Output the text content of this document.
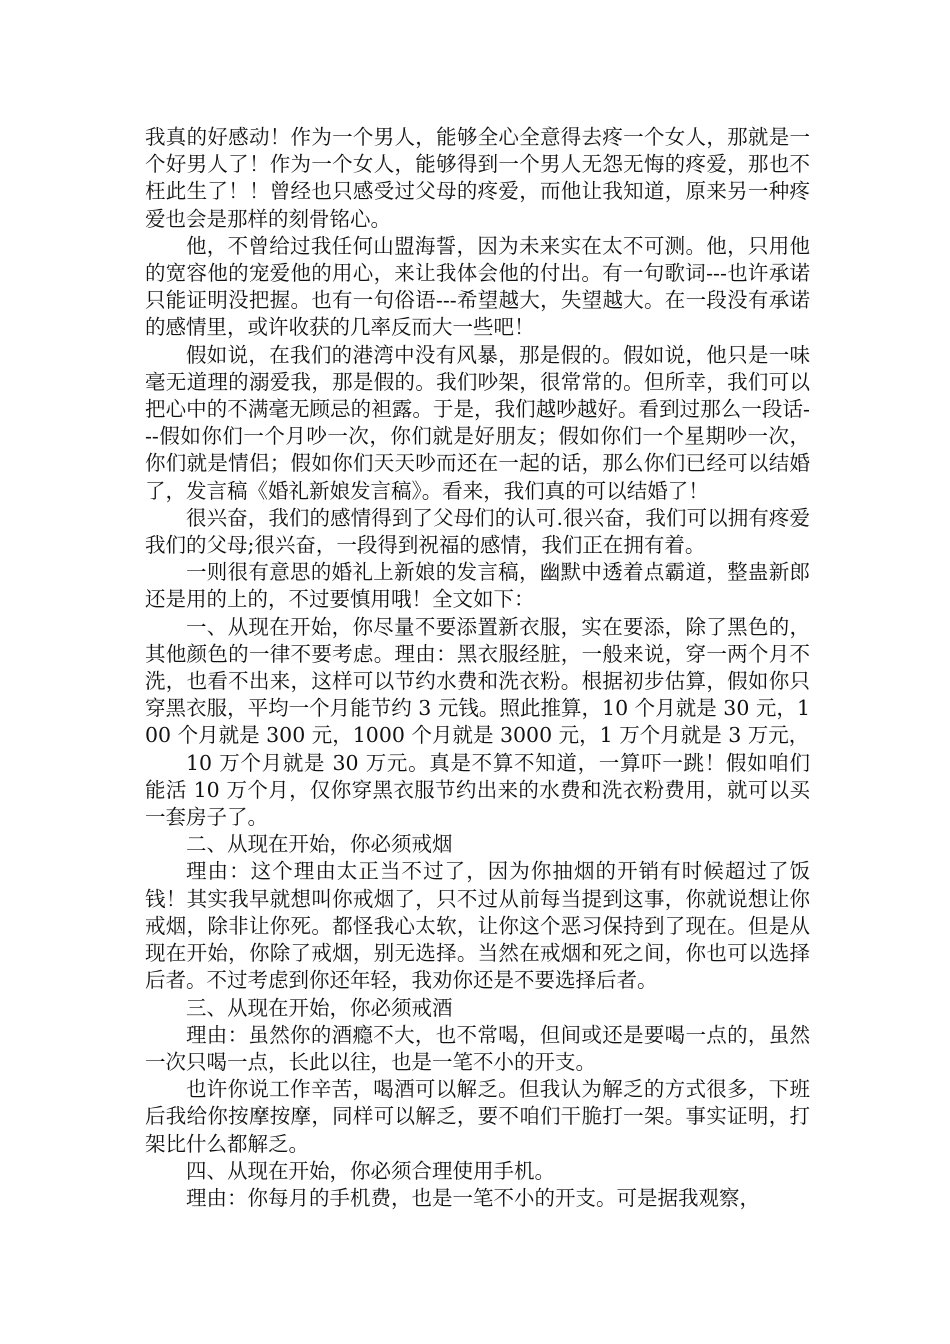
我真的好感动！作为一个男人，能够全心全意得去疼一个女人，那就是一个好男人了！作为一个女人，能够得到一个男人无怨无悔的疼爱，那也不枉此生了！！曾经也只感受过父母的疼爱，而他让我知道，原来另一种疼爱也会是那样的刻骨铭心。

他，不曾给过我任何山盟海誓，因为未来实在太不可测。他，只用他的宽容他的宠爱他的用心，来让我体会他的付出。有一句歌词---也许承诺只能证明没把握。也有一句俗语---希望越大，失望越大。在一段没有承诺的感情里，或许收获的几率反而大一些吧！

假如说，在我们的港湾中没有风暴，那是假的。假如说，他只是一味毫无道理的溺爱我，那是假的。我们吵架，很常常的。但所幸，我们可以把心中的不满毫无顾忌的袒露。于是，我们越吵越好。看到过那么一段话---假如你们一个月吵一次，你们就是好朋友；假如你们一个星期吵一次，你们就是情侣；假如你们天天吵而还在一起的话，那么你们已经可以结婚了，发言稿《婚礼新娘发言稿》。看来，我们真的可以结婚了！

很兴奋，我们的感情得到了父母们的认可.很兴奋，我们可以拥有疼爱我们的父母;很兴奋，一段得到祝福的感情，我们正在拥有着。

一则很有意思的婚礼上新娘的发言稿，幽默中透着点霸道，整蛊新郎还是用的上的，不过要慎用哦！全文如下：

一、从现在开始，你尽量不要添置新衣服，实在要添，除了黑色的，其他颜色的一律不要考虑。理由：黑衣服经脏，一般来说，穿一两个月不洗，也看不出来，这样可以节约水费和洗衣粉。根据初步估算，假如你只穿黑衣服，平均一个月能节约 3 元钱。照此推算，10 个月就是 30 元，100 个月就是 300 元，1000 个月就是 3000 元，1 万个月就是 3 万元，

10 万个月就是 30 万元。真是不算不知道，一算吓一跳！假如咱们能活 10 万个月，仅你穿黑衣服节约出来的水费和洗衣粉费用，就可以买一套房子了。

二、从现在开始，你必须戒烟

理由：这个理由太正当不过了，因为你抽烟的开销有时候超过了饭钱！其实我早就想叫你戒烟了，只不过从前每当提到这事，你就说想让你戒烟，除非让你死。都怪我心太软，让你这个恶习保持到了现在。但是从现在开始，你除了戒烟，别无选择。当然在戒烟和死之间，你也可以选择后者。不过考虑到你还年轻，我劝你还是不要选择后者。

三、从现在开始，你必须戒酒

理由：虽然你的酒瘾不大，也不常喝，但间或还是要喝一点的，虽然一次只喝一点，长此以往，也是一笔不小的开支。

也许你说工作辛苦，喝酒可以解乏。但我认为解乏的方式很多，下班后我给你按摩按摩，同样可以解乏，要不咱们干脆打一架。事实证明，打架比什么都解乏。

四、从现在开始，你必须合理使用手机。

理由：你每月的手机费，也是一笔不小的开支。可是据我观察，
